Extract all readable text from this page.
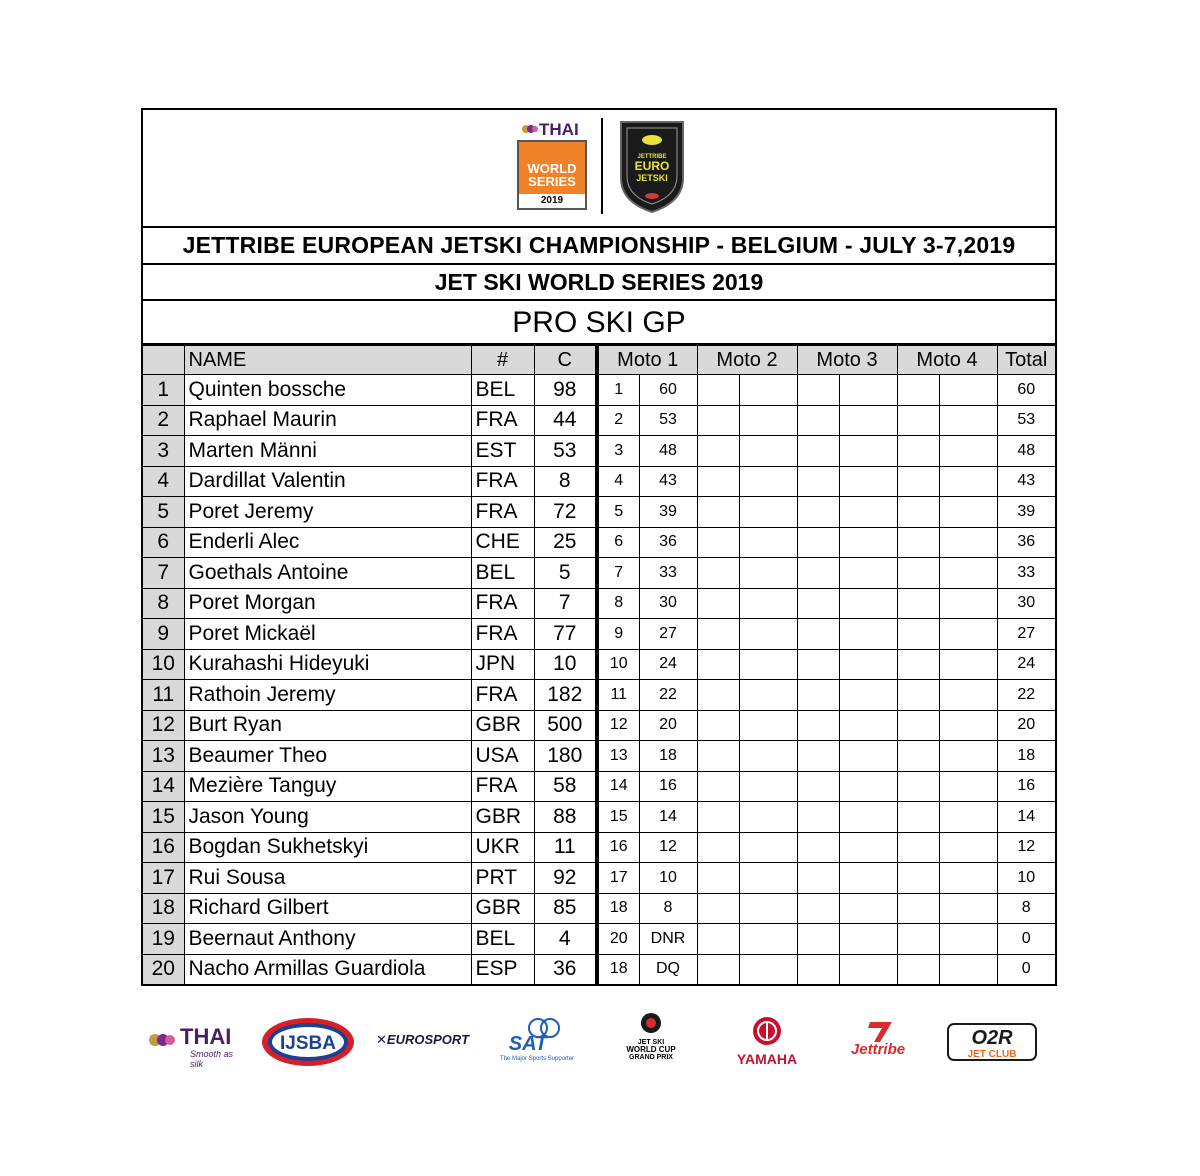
THAI
WORLD
SERIES
2019
JETTRIBE
EURO
JETSKI
JETTRIBE EUROPEAN JETSKI CHAMPIONSHIP - BELGIUM - JULY 3-7,2019
JET SKI WORLD SERIES 2019
PRO SKI GP
	NAME	#	C	Moto 1		Moto 2		Moto 3		Moto 4		Total
1	Quinten bossche	BEL	98	1	60							60
2	Raphael Maurin	FRA	44	2	53							53
3	Marten Männi	EST	53	3	48							48
4	Dardillat Valentin	FRA	8	4	43							43
5	Poret Jeremy	FRA	72	5	39							39
6	Enderli Alec	CHE	25	6	36							36
7	Goethals Antoine	BEL	5	7	33							33
8	Poret Morgan	FRA	7	8	30							30
9	Poret Mickaël	FRA	77	9	27							27
10	Kurahashi Hideyuki	JPN	10	10	24							24
11	Rathoin Jeremy	FRA	182	11	22							22
12	Burt Ryan	GBR	500	12	20							20
13	Beaumer Theo	USA	180	13	18							18
14	Mezière Tanguy	FRA	58	14	16							16
15	Jason Young	GBR	88	15	14							14
16	Bogdan Sukhetskyi	UKR	11	16	12							12
17	Rui Sousa	PRT	92	17	10							10
18	Richard Gilbert	GBR	85	18	8							8
19	Beernaut Anthony	BEL	4	20	DNR							0
20	Nacho Armillas Guardiola	ESP	36	18	DQ							0
THAI
Smooth as silk
IJSBA	✕EUROSPORT	SAT
The Major Sports Supporter
JET SKI
WORLD CUP
GRAND PRIX	YAMAHA
Jettribe
O2R
JET CLUB
